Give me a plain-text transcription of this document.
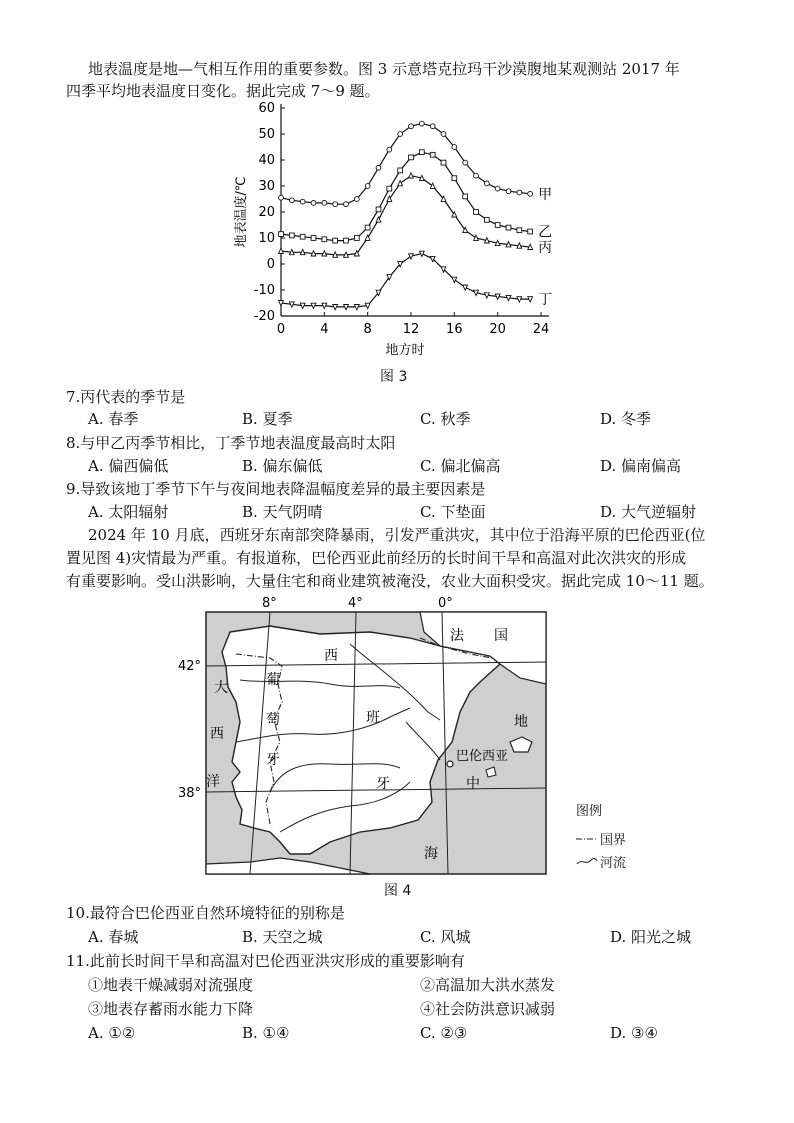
地表温度是地—气相互作用的重要参数。图 3 示意塔克拉玛干沙漠腹地某观测站 2017 年
四季平均地表温度日变化。据此完成 7～9 题。
60
50
40
30
20
10
0
-10
-20
0	4	8 12 16 20 24
地方时
地表温度/℃	甲
乙
丙
丁
图 3
7.丙代表的季节是
A. 春季	B. 夏季	C. 秋季	D. 冬季
8.与甲乙丙季节相比，丁季节地表温度最高时太阳
A. 偏西偏低	B. 偏东偏低	C. 偏北偏高	D. 偏南偏高
9.导致该地丁季节下午与夜间地表降温幅度差异的最主要因素是
A. 太阳辐射	B. 天气阴晴	C. 下垫面	D. 大气逆辐射
2024 年 10 月底，西班牙东南部突降暴雨，引发严重洪灾，其中位于沿海平原的巴伦西亚(位
置见图 4)灾情最为严重。有报道称，巴伦西亚此前经历的长时间干旱和高温对此次洪灾的形成
有重要影响。受山洪影响，大量住宅和商业建筑被淹没，农业大面积受灾。据此完成 10～11 题。
8°	4°	0°
42°
38°
巴伦西亚
西
班
牙
葡
萄
牙
法 国
大
西
洋
地
中
海
图例
国界
河流
图 4
10.最符合巴伦西亚自然环境特征的别称是
A. 春城	B. 天空之城	C. 风城	D. 阳光之城
11.此前长时间干旱和高温对巴伦西亚洪灾形成的重要影响有
①地表干燥减弱对流强度	②高温加大洪水蒸发
③地表存蓄雨水能力下降	④社会防洪意识减弱
A. ①②	B. ①④	C. ②③	D. ③④
